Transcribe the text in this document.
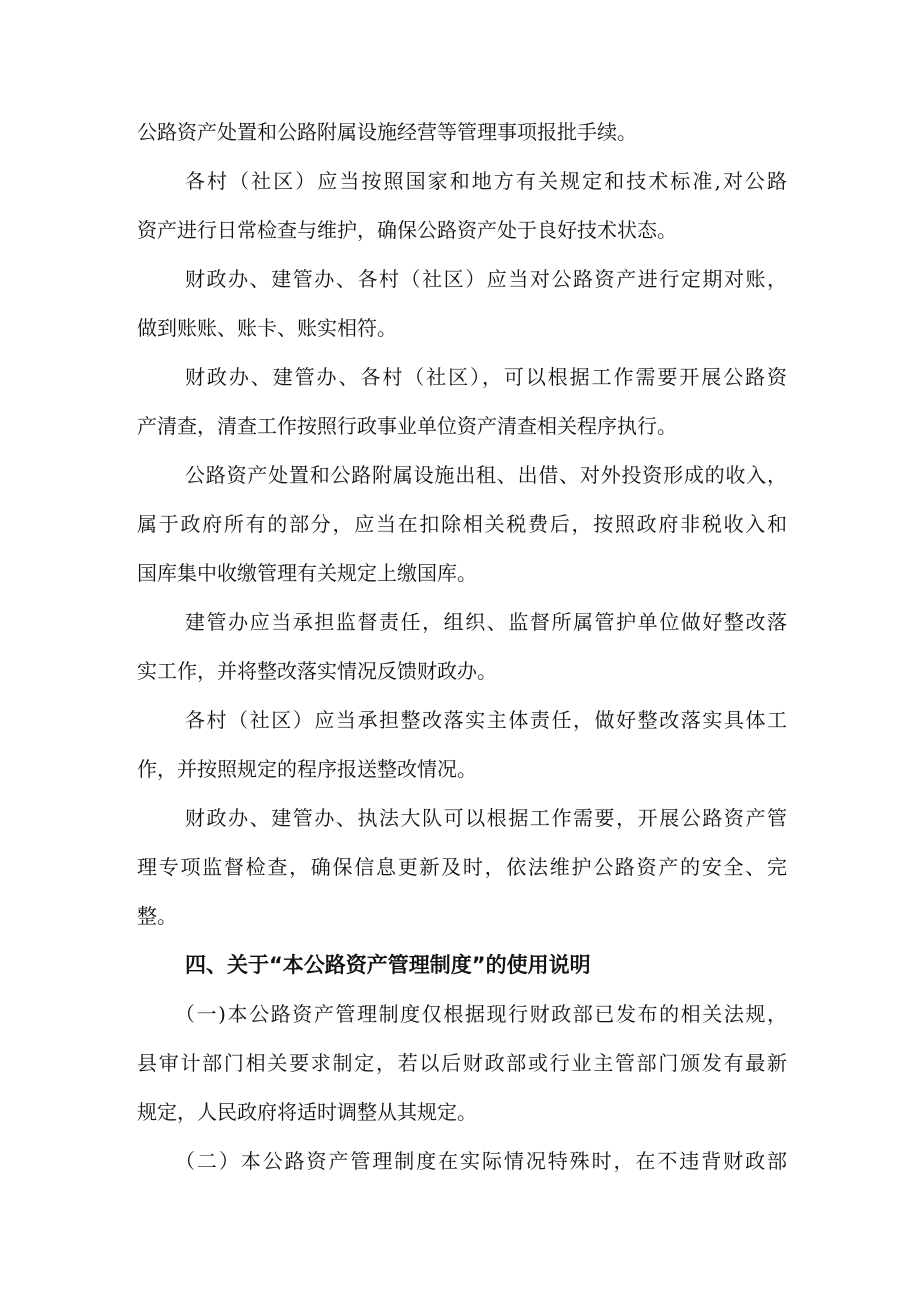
公路资产处置和公路附属设施经营等管理事项报批手续。
各村（社区）应当按照国家和地方有关规定和技术标准,对公路
资产进行日常检查与维护，确保公路资产处于良好技术状态。
财政办、建管办、各村（社区）应当对公路资产进行定期对账，
做到账账、账卡、账实相符。
财政办、建管办、各村（社区），可以根据工作需要开展公路资
产清查，清查工作按照行政事业单位资产清查相关程序执行。
公路资产处置和公路附属设施出租、出借、对外投资形成的收入，
属于政府所有的部分，应当在扣除相关税费后，按照政府非税收入和
国库集中收缴管理有关规定上缴国库。
建管办应当承担监督责任，组织、监督所属管护单位做好整改落
实工作，并将整改落实情况反馈财政办。
各村（社区）应当承担整改落实主体责任，做好整改落实具体工
作，并按照规定的程序报送整改情况。
财政办、建管办、执法大队可以根据工作需要，开展公路资产管
理专项监督检查，确保信息更新及时，依法维护公路资产的安全、完
整。
四、关于“本公路资产管理制度”的使用说明
（一)本公路资产管理制度仅根据现行财政部已发布的相关法规，
县审计部门相关要求制定，若以后财政部或行业主管部门颁发有最新
规定，人民政府将适时调整从其规定。
（二）本公路资产管理制度在实际情况特殊时，在不违背财政部
